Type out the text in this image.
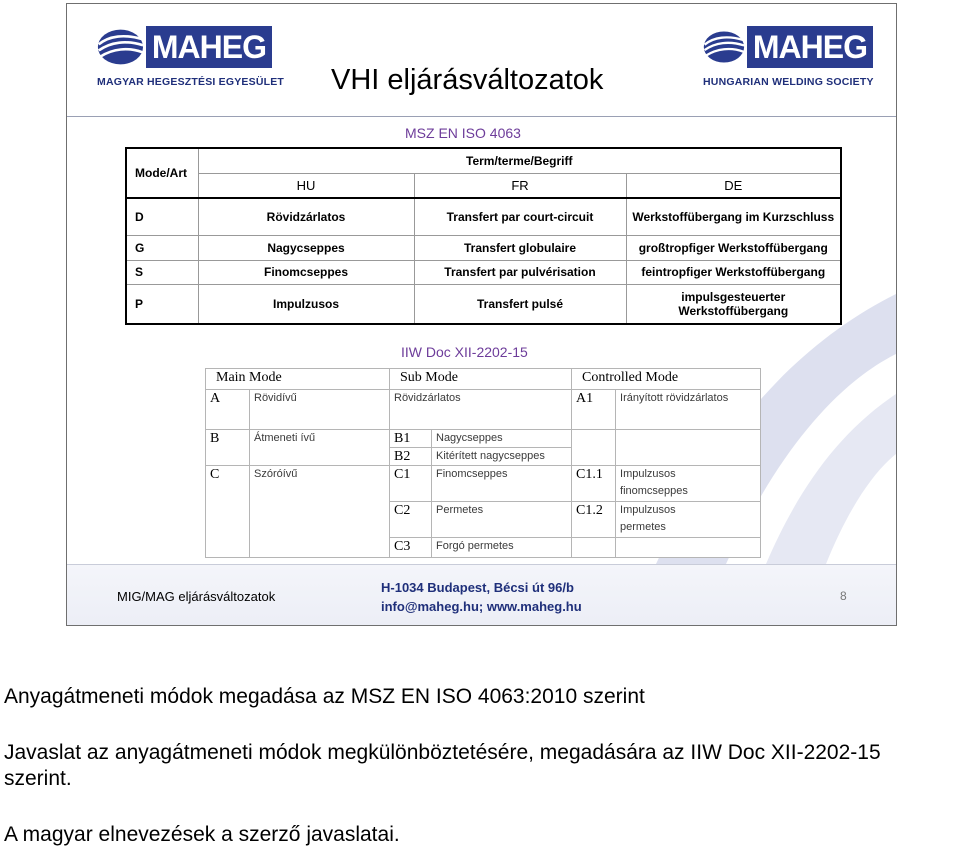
MAHEG
MAGYAR HEGESZTÉSI EGYESÜLET
MAHEG
HUNGARIAN WELDING SOCIETY
VHI eljárásváltozatok
MSZ EN ISO 4063
Mode/Art	Term/terme/Begriff		
	HU	FR	DE
D	Rövidzárlatos	Transfert par court-circuit	Werkstoffübergang im Kurzschluss
G	Nagycseppes	Transfert globulaire	großtropfiger Werkstoffübergang
S	Finomcseppes	Transfert par pulvérisation	feintropfiger Werkstoffübergang
P	Impulzusos	Transfert pulsé	impulsgesteuerter
Werkstoffübergang
IIW Doc XII-2202-15
Main Mode		Sub Mode		Controlled Mode	
A	Rövidívű	Rövidzárlatos		A1	Irányított rövidzárlatos
B	Átmeneti ívű	B1	Nagycseppes		
		B2	Kitérített nagycseppes		
C	Szóróívű	C1	Finomcseppes	C1.1	Impulzusos
finomcseppes

		C2	Permetes	C1.2	Impulzusos
permetes

		C3	Forgó permetes		
MIG/MAG eljárásváltozatok
H-1034 Budapest, Bécsi út 96/b
info@maheg.hu; www.maheg.hu
8
Anyagátmeneti módok megadása az MSZ EN ISO 4063:2010 szerint
Javaslat az anyagátmeneti módok megkülönböztetésére, megadására az IIW Doc XII-2202-15
szerint.
A magyar elnevezések a szerző javaslatai.
